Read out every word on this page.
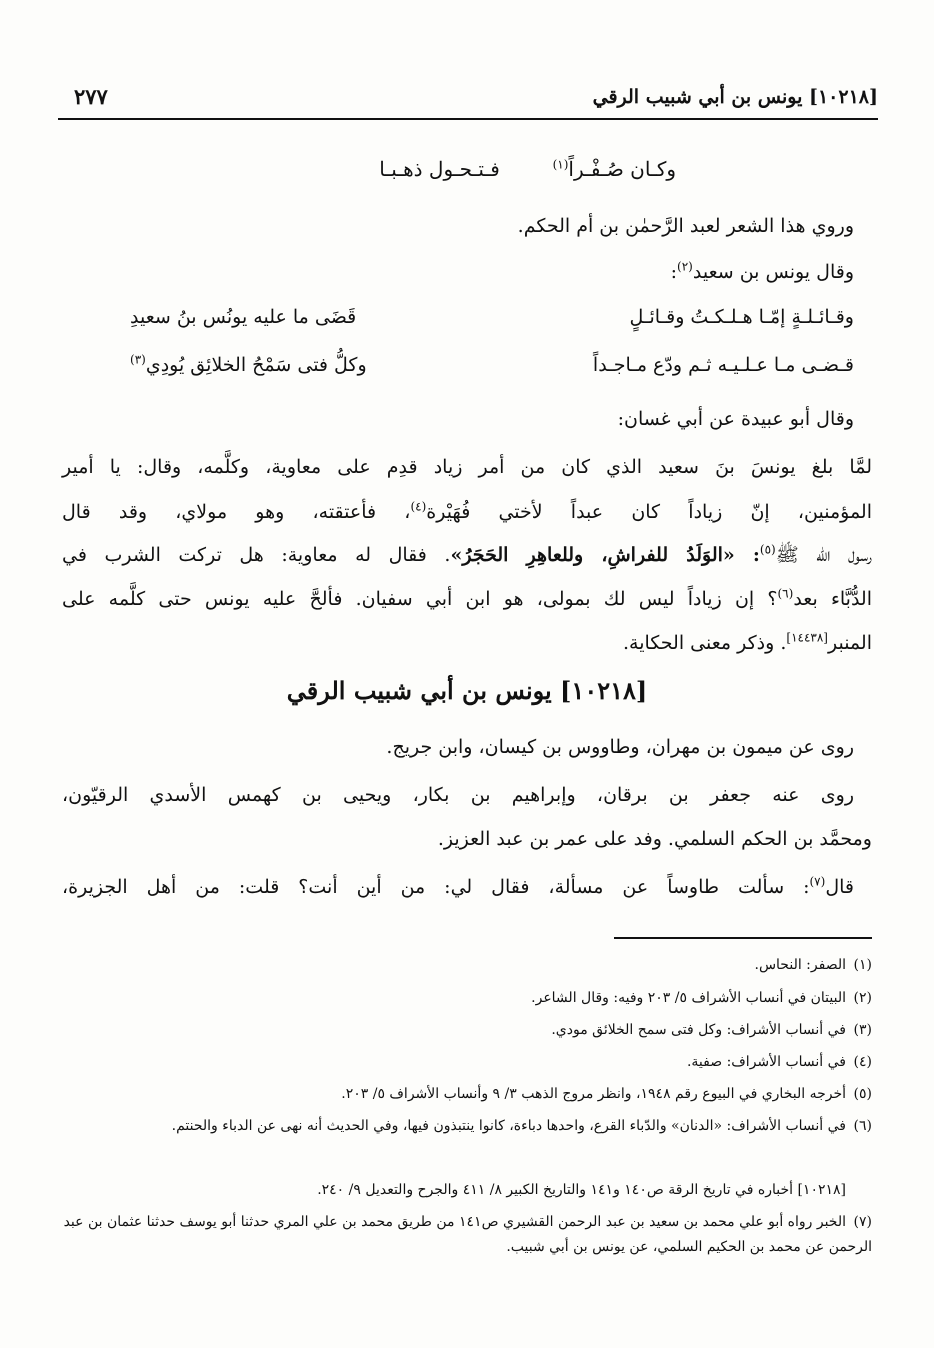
[١٠٢١٨] يونس بن أبي شبيب الرقي
٢٧٧
وكـان صُـفْـراً$^{(١)}$  فـتـحـول ذهـبـا
وروي هذا الشعر لعبد الرَّحمٰن بن أم الحكم.
وقال يونس بن سعيد$^{(٢)}$:
وقـائـلـةٍ إمّـا هـلـكـتُ وقـائـلٍ
قَضَى ما عليه يونُس بنُ سعيدِ
قـضـى مـا عـلـيـه ثـم ودّع مـاجـداً
وكلُّ فتى سَمْحُ الخلائِق يُودِي$^{(٣)}$
وقال أبو عبيدة عن أبي غسان:
لمَّا بلغ يونسَ بنَ سعيد الذي كان من أمر زياد قدِم على معاوية، وكلَّمه، وقال: يا أمير
المؤمنين، إنّ زياداً كان عبداً لأختي فُهَيْرة$^{(٤)}$، فأعتقته، وهو مولاي، وقد قال
رسول الله ﷺ$^{(٥)}$: «الوَلَدُ للفراشِ، وللعاهِرِ الحَجَرُ». فقال له معاوية: هل تركت الشرب في
الدُّبَّاء بعد$^{(٦)}$؟ إن زياداً ليس لك بمولى، هو ابن أبي سفيان. فألحَّ عليه يونس حتى كلَّمه على
المنبر[١٤٤٣٨]. وذكر معنى الحكاية.
[١٠٢١٨] يونس بن أبي شبيب الرقي
روى عن ميمون بن مهران، وطاووس بن كيسان، وابن جريج.
روى عنه جعفر بن برقان، وإبراهيم بن بكار، ويحيى بن كهمس الأسدي الرقيّون،
ومحمَّد بن الحكم السلمي. وفد على عمر بن عبد العزيز.
قال$^{(٧)}$: سألت طاوساً عن مسألة، فقال لي: من أين أنت؟ قلت: من أهل الجزيرة،
(١)الصفر: النحاس.
(٢)البيتان في أنساب الأشراف ٥/ ٢٠٣ وفيه: وقال الشاعر.
(٣)في أنساب الأشراف: وكل فتى سمح الخلائق مودي.
(٤)في أنساب الأشراف: صفية.
(٥)أخرجه البخاري في البيوع رقم ١٩٤٨، وانظر مروج الذهب ٣/ ٩ وأنساب الأشراف ٥/ ٢٠٣.
(٦)في أنساب الأشراف: «الدنان» والدّباء القرع، واحدها دباءة، كانوا ينتبذون فيها، وفي الحديث أنه نهى عن الدباء والحنتم.
[١٠٢١٨] أخباره في تاريخ الرقة ص١٤٠ و١٤١ والتاريخ الكبير ٨/ ٤١١ والجرح والتعديل ٩/ ٢٤٠.
(٧)الخبر رواه أبو علي محمد بن سعيد بن عبد الرحمن القشيري ص١٤١ من طريق محمد بن علي المري حدثنا أبو يوسف حدثنا عثمان بن عبد الرحمن عن محمد بن الحكيم السلمي، عن يونس بن أبي شبيب.
